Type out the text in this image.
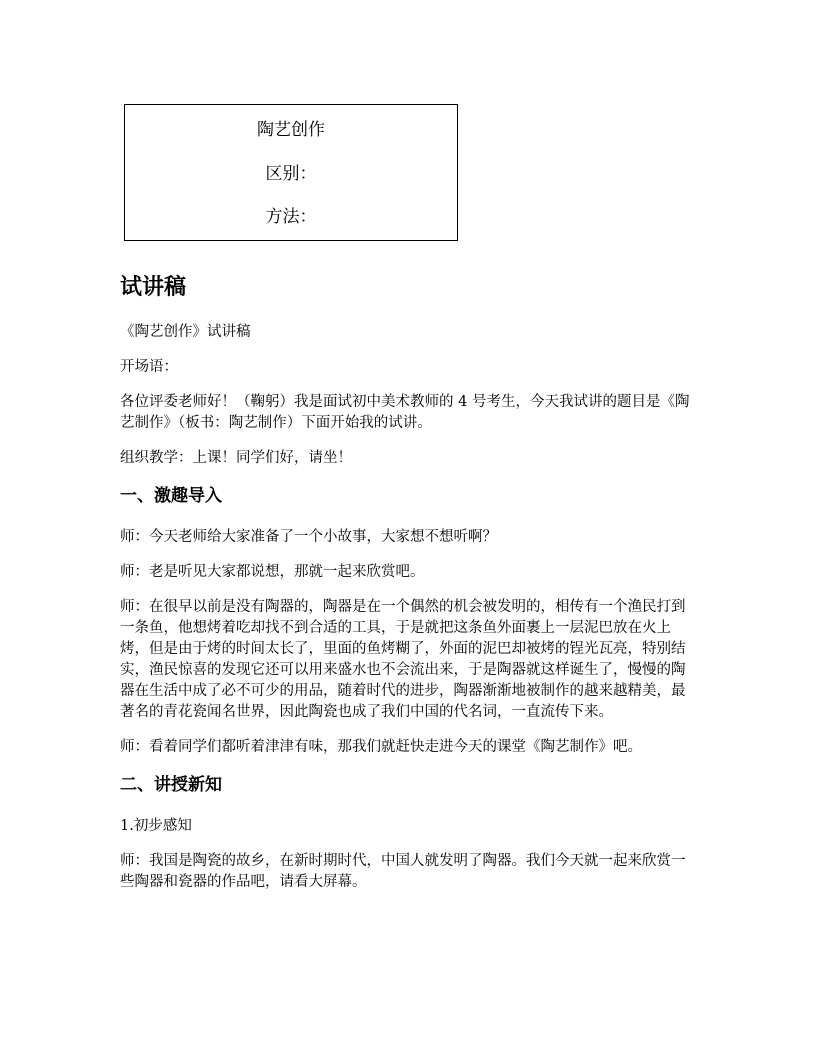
陶艺创作
区别：
方法：
试讲稿
《陶艺创作》试讲稿
开场语：
各位评委老师好！（鞠躬）我是面试初中美术教师的 4 号考生，今天我试讲的题目是《陶艺制作》（板书：陶艺制作）下面开始我的试讲。
组织教学：上课！同学们好，请坐！
一、激趣导入
师：今天老师给大家准备了一个小故事，大家想不想听啊？
师：老是听见大家都说想，那就一起来欣赏吧。
师：在很早以前是没有陶器的，陶器是在一个偶然的机会被发明的，相传有一个渔民打到一条鱼，他想烤着吃却找不到合适的工具，于是就把这条鱼外面裹上一层泥巴放在火上烤，但是由于烤的时间太长了，里面的鱼烤糊了，外面的泥巴却被烤的锃光瓦亮，特别结实，渔民惊喜的发现它还可以用来盛水也不会流出来，于是陶器就这样诞生了，慢慢的陶器在生活中成了必不可少的用品，随着时代的进步，陶器渐渐地被制作的越来越精美，最著名的青花瓷闻名世界，因此陶瓷也成了我们中国的代名词，一直流传下来。
师：看着同学们都听着津津有味，那我们就赶快走进今天的课堂《陶艺制作》吧。
二、讲授新知
1.初步感知
师：我国是陶瓷的故乡，在新时期时代，中国人就发明了陶器。我们今天就一起来欣赏一些陶器和瓷器的作品吧，请看大屏幕。
